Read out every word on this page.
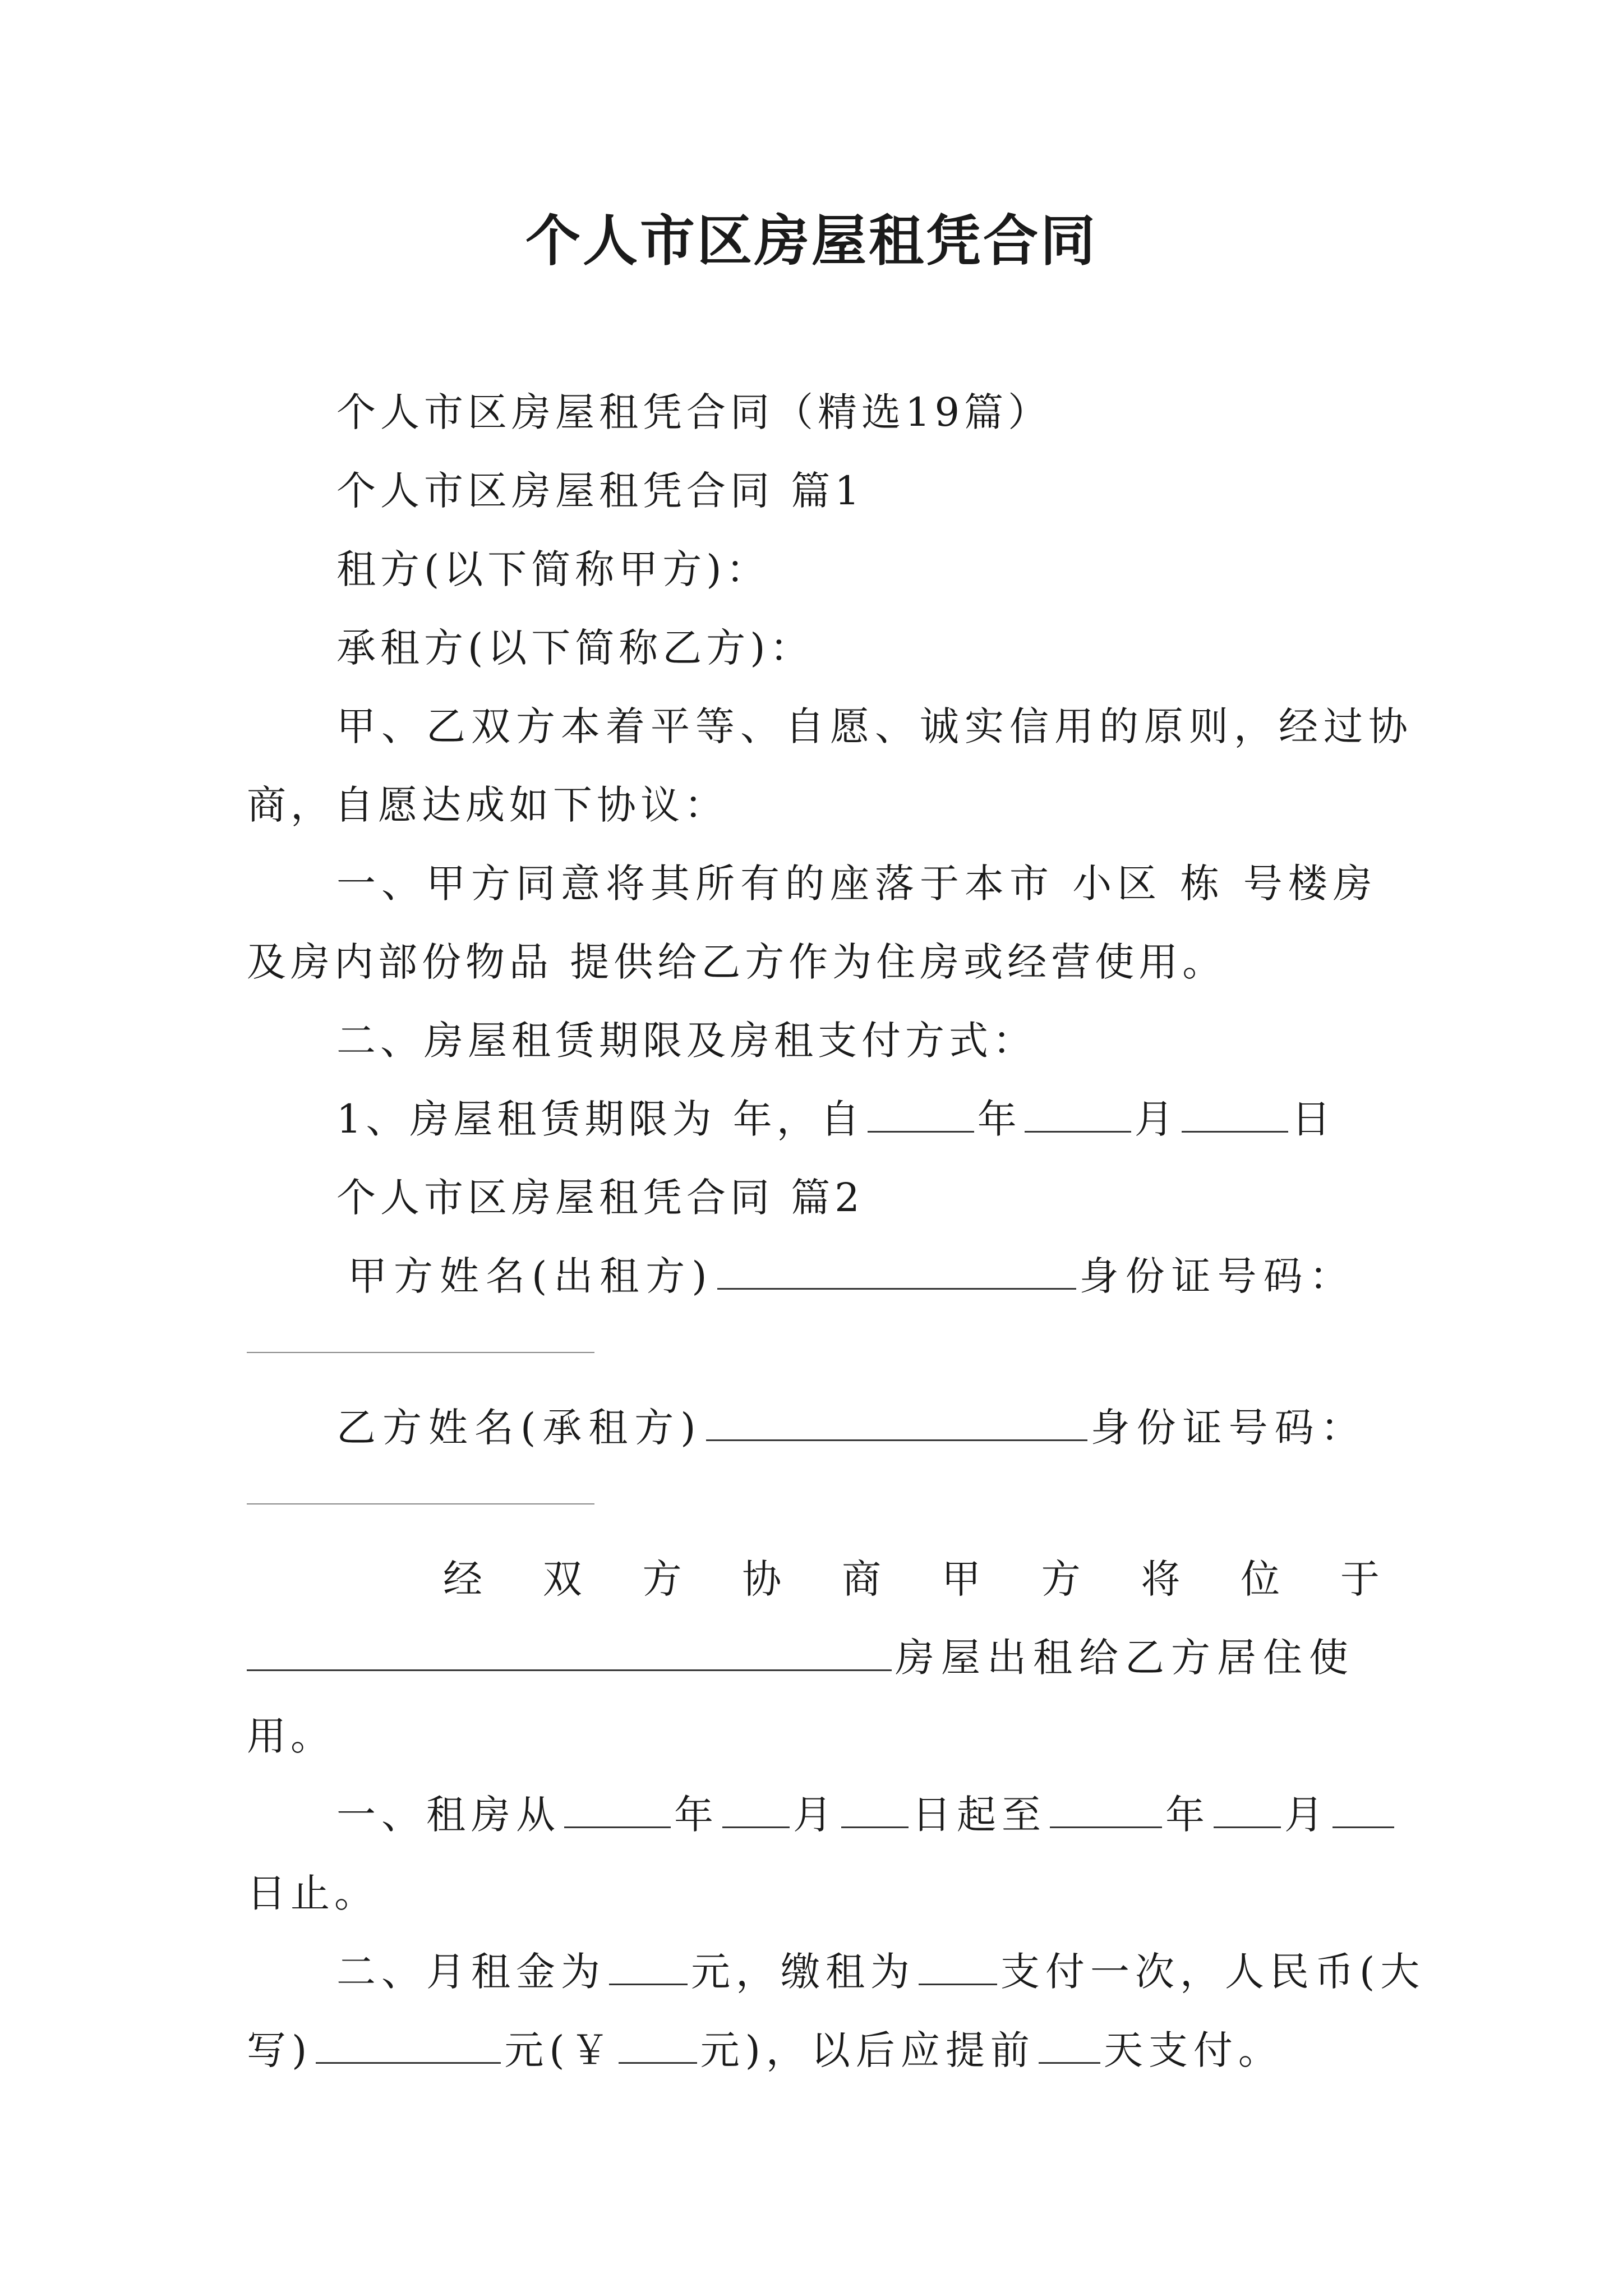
个人市区房屋租凭合同
个人市区房屋租凭合同（精选19篇）
个人市区房屋租凭合同 篇1
租方(以下简称甲方)：
承租方(以下简称乙方)：
甲、乙双方本着平等、自愿、诚实信用的原则，经过协
商，自愿达成如下协议：
一、甲方同意将其所有的座落于本市 小区 栋 号楼房
及房内部份物品 提供给乙方作为住房或经营使用。
二、房屋租赁期限及房租支付方式：
1、房屋租赁期限为 年，自	年	月	日
个人市区房屋租凭合同 篇2
甲方姓名(出租方)	身份证号码：
乙方姓名(承租方)	身份证号码：
经 双 方 协 商 甲 方 将 位 于
房屋出租给乙方居住使
用。
一、租房从	年 月 日起至	年 月
日止。
二、月租金为 元，缴租为 支付一次，人民币(大
写)	元(￥ 元)，以后应提前 天支付。
